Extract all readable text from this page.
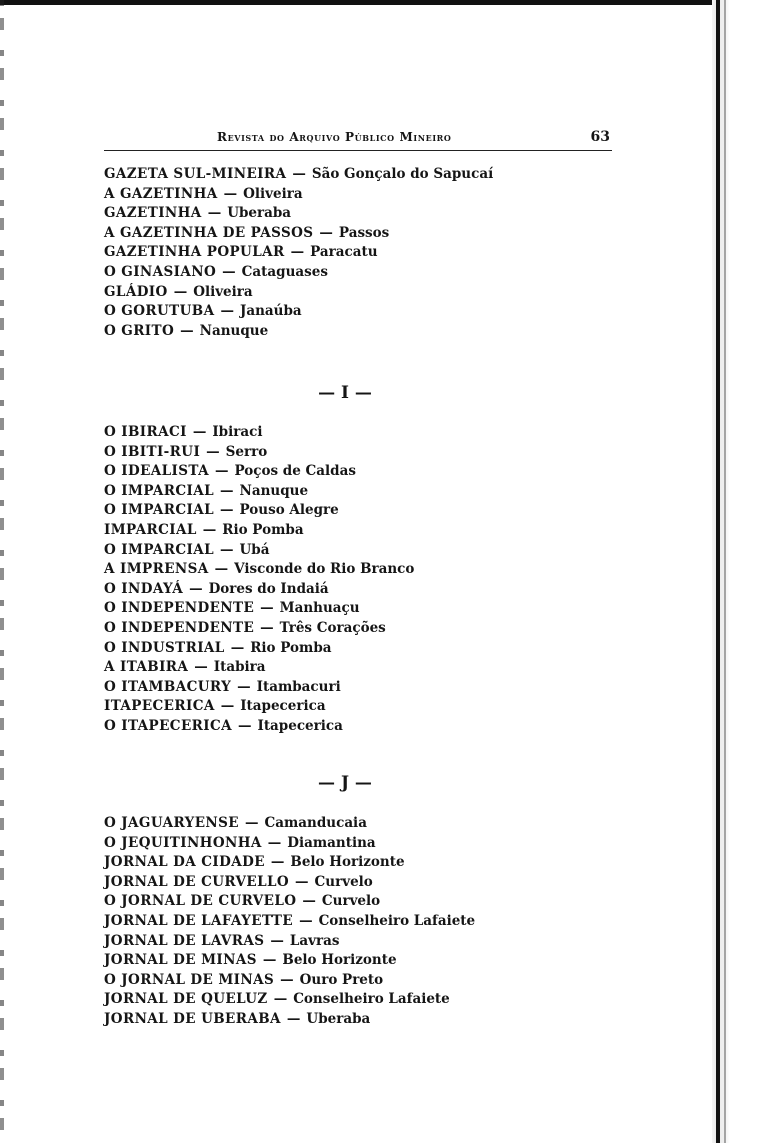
Revista do Arquivo Público Mineiro	63
GAZETA SUL-MINEIRA — São Gonçalo do Sapucaí
A GAZETINHA — Oliveira
GAZETINHA — Uberaba
A GAZETINHA DE PASSOS — Passos
GAZETINHA POPULAR — Paracatu
O GINASIANO — Cataguases
GLÁDIO — Oliveira
O GORUTUBA — Janaúba
O GRITO — Nanuque
— I —
O IBIRACI — Ibiraci
O IBITI-RUI — Serro
O IDEALISTA — Poços de Caldas
O IMPARCIAL — Nanuque
O IMPARCIAL — Pouso Alegre
IMPARCIAL — Rio Pomba
O IMPARCIAL — Ubá
A IMPRENSA — Visconde do Rio Branco
O INDAYÁ — Dores do Indaiá
O INDEPENDENTE — Manhuaçu
O INDEPENDENTE — Três Corações
O INDUSTRIAL — Rio Pomba
A ITABIRA — Itabira
O ITAMBACURY — Itambacuri
ITAPECERICA — Itapecerica
O ITAPECERICA — Itapecerica
— J —
O JAGUARYENSE — Camanducaia
O JEQUITINHONHA — Diamantina
JORNAL DA CIDADE — Belo Horizonte
JORNAL DE CURVELLO — Curvelo
O JORNAL DE CURVELO — Curvelo
JORNAL DE LAFAYETTE — Conselheiro Lafaiete
JORNAL DE LAVRAS — Lavras
JORNAL DE MINAS — Belo Horizonte
O JORNAL DE MINAS — Ouro Preto
JORNAL DE QUELUZ — Conselheiro Lafaiete
JORNAL DE UBERABA — Uberaba
